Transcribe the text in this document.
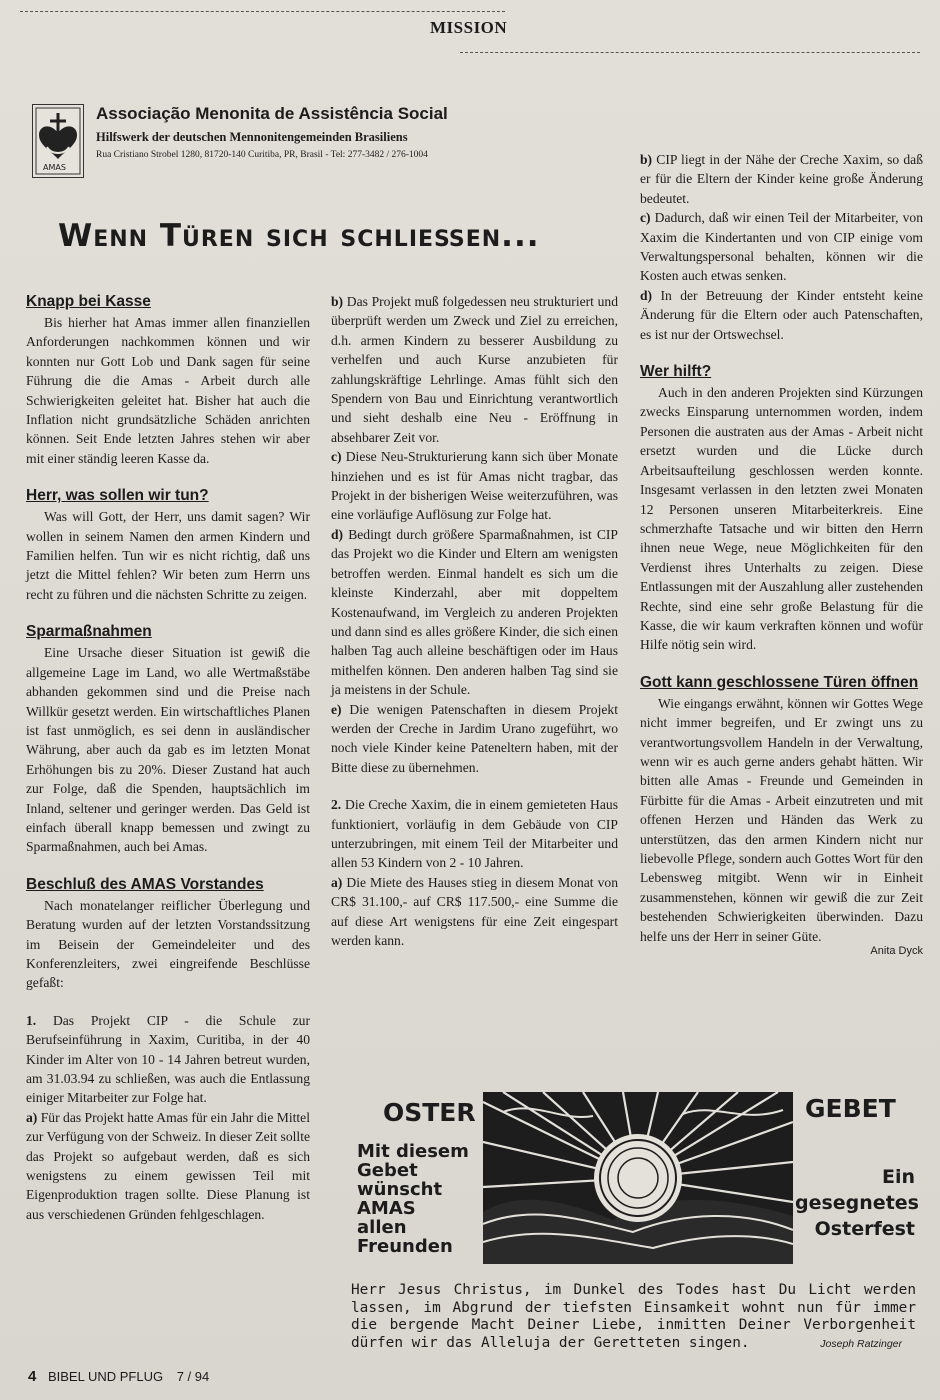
MISSION
AMAS
Associação Menonita de Assistência Social
Hilfswerk der deutschen Mennonitengemeinden Brasiliens
Rua Cristiano Strobel 1280, 81720-140 Curitiba, PR, Brasil - Tel: 277-3482 / 276-1004
Wenn Türen sich schließen...
Knapp bei Kasse

Bis hierher hat Amas immer allen finanziellen Anforderungen nachkommen können und wir konnten nur Gott Lob und Dank sagen für seine Führung die die Amas - Arbeit durch alle Schwierigkeiten geleitet hat. Bisher hat auch die Inflation nicht grundsätzliche Schäden anrichten können. Seit Ende letzten Jahres stehen wir aber mit einer ständig leeren Kasse da.

Herr, was sollen wir tun?

Was will Gott, der Herr, uns damit sagen? Wir wollen in seinem Namen den armen Kindern und Familien helfen. Tun wir es nicht richtig, daß uns jetzt die Mittel fehlen? Wir beten zum Herrn uns recht zu führen und die nächsten Schritte zu zeigen.

Sparmaßnahmen

Eine Ursache dieser Situation ist gewiß die allgemeine Lage im Land, wo alle Wertmaßstäbe abhanden gekommen sind und die Preise nach Willkür gesetzt werden. Ein wirtschaftliches Planen ist fast unmöglich, es sei denn in ausländischer Währung, aber auch da gab es im letzten Monat Erhöhungen bis zu 20%. Dieser Zustand hat auch zur Folge, daß die Spenden, hauptsächlich im Inland, seltener und geringer werden. Das Geld ist einfach überall knapp bemessen und zwingt zu Sparmaßnahmen, auch bei Amas.

Beschluß des AMAS Vorstandes

Nach monatelanger reiflicher Überlegung und Beratung wurden auf der letzten Vorstandssitzung im Beisein der Gemeindeleiter und des Konferenzleiters, zwei eingreifende Beschlüsse gefaßt:

1. Das Projekt CIP - die Schule zur Berufseinführung in Xaxim, Curitiba, in der 40 Kinder im Alter von 10 - 14 Jahren betreut wurden, am 31.03.94 zu schließen, was auch die Entlassung einiger Mitarbeiter zur Folge hat.

a) Für das Projekt hatte Amas für ein Jahr die Mittel zur Verfügung von der Schweiz. In dieser Zeit sollte das Projekt so aufgebaut werden, daß es sich wenigstens zu einem gewissen Teil mit Eigenproduktion tragen sollte. Diese Planung ist aus verschiedenen Gründen fehlgeschlagen.

b) Das Projekt muß folgedessen neu strukturiert und überprüft werden um Zweck und Ziel zu erreichen, d.h. armen Kindern zu besserer Ausbildung zu verhelfen und auch Kurse anzubieten für zahlungskräftige Lehrlinge. Amas fühlt sich den Spendern von Bau und Einrichtung verantwortlich und sieht deshalb eine Neu - Eröffnung in absehbarer Zeit vor.

c) Diese Neu-Strukturierung kann sich über Monate hinziehen und es ist für Amas nicht tragbar, das Projekt in der bisherigen Weise weiterzuführen, was eine vorläufige Auflösung zur Folge hat.

d) Bedingt durch größere Sparmaßnahmen, ist CIP das Projekt wo die Kinder und Eltern am wenigsten betroffen werden. Einmal handelt es sich um die kleinste Kinderzahl, aber mit doppeltem Kostenaufwand, im Vergleich zu anderen Projekten und dann sind es alles größere Kinder, die sich einen halben Tag auch alleine beschäftigen oder im Haus mithelfen können. Den anderen halben Tag sind sie ja meistens in der Schule.

e) Die wenigen Patenschaften in diesem Projekt werden der Creche in Jardim Urano zugeführt, wo noch viele Kinder keine Pateneltern haben, mit der Bitte diese zu übernehmen.

2. Die Creche Xaxim, die in einem gemieteten Haus funktioniert, vorläufig in dem Gebäude von CIP unterzubringen, mit einem Teil der Mitarbeiter und allen 53 Kindern von 2 - 10 Jahren.

a) Die Miete des Hauses stieg in diesem Monat von CR$ 31.100,- auf CR$ 117.500,- eine Summe die auf diese Art wenigstens für eine Zeit eingespart werden kann.

b) CIP liegt in der Nähe der Creche Xaxim, so daß er für die Eltern der Kinder keine große Änderung bedeutet.

c) Dadurch, daß wir einen Teil der Mitarbeiter, von Xaxim die Kindertanten und von CIP einige vom Verwaltungspersonal behalten, können wir die Kosten auch etwas senken.

d) In der Betreuung der Kinder entsteht keine Änderung für die Eltern oder auch Patenschaften, es ist nur der Ortswechsel.

Wer hilft?

Auch in den anderen Projekten sind Kürzungen zwecks Einsparung unternommen worden, indem Personen die austraten aus der Amas - Arbeit nicht ersetzt wurden und die Lücke durch Arbeitsaufteilung geschlossen werden konnte. Insgesamt verlassen in den letzten zwei Monaten 12 Personen unseren Mitarbeiterkreis. Eine schmerzhafte Tatsache und wir bitten den Herrn ihnen neue Wege, neue Möglichkeiten für den Verdienst ihres Unterhalts zu zeigen. Diese Entlassungen mit der Auszahlung aller zustehenden Rechte, sind eine sehr große Belastung für die Kasse, die wir kaum verkraften können und wofür Hilfe nötig sein wird.

Gott kann geschlossene Türen öffnen

Wie eingangs erwähnt, können wir Gottes Wege nicht immer begreifen, und Er zwingt uns zu verantwortungsvollem Handeln in der Verwaltung, wenn wir es auch gerne anders gehabt hätten. Wir bitten alle Amas - Freunde und Gemeinden in Fürbitte für die Amas - Arbeit einzutreten und mit offenen Herzen und Händen das Werk zu unterstützen, das den armen Kindern nicht nur liebevolle Pflege, sondern auch Gottes Wort für den Lebensweg mitgibt. Wenn wir in Einheit zusammenstehen, können wir gewiß die zur Zeit bestehenden Schwierigkeiten überwinden. Dazu helfe uns der Herr in seiner Güte.

Anita Dyck
OSTER	GEBET
Mit diesem
Gebet
wünscht
AMAS
allen
Freunden
Ein
gesegnetes
Osterfest
Herr Jesus Christus, im Dunkel des Todes hast Du Licht werden lassen, im Abgrund der tiefsten Einsamkeit wohnt nun für immer die bergende Macht Deiner Liebe, inmitten Deiner Verborgenheit dürfen wir das Alleluja der Geretteten singen.	Joseph Ratzinger
4 BIBEL UND PFLUG 7 / 94
